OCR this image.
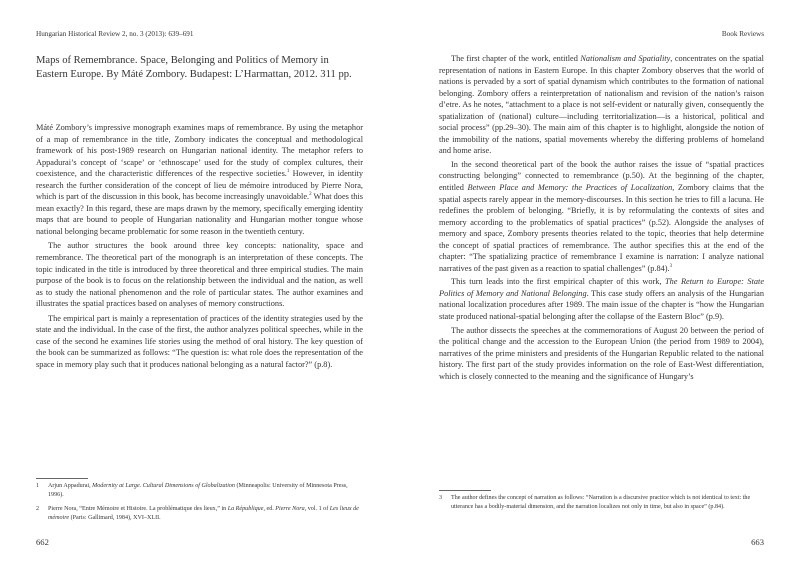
Hungarian Historical Review 2, no. 3 (2013): 639–691
Maps of Remembrance. Space, Belonging and Politics of Memory in Eastern Europe. By Máté Zombory. Budapest: L’Harmattan, 2012. 311 pp.

Máté Zombory’s impressive monograph examines maps of remembrance. By using the metaphor of a map of remembrance in the title, Zombory indicates the conceptual and methodological framework of his post-1989 research on Hungarian national identity. The metaphor refers to Appadurai’s concept of ‘scape’ or ‘ethnoscape’ used for the study of complex cultures, their coexistence, and the characteristic differences of the respective societies.$^1$ However, in identity research the further consideration of the concept of lieu de mémoire introduced by Pierre Nora, which is part of the discussion in this book, has become increasingly unavoidable.$^2$ What does this mean exactly? In this regard, these are maps drawn by the memory, specifically emerging identity maps that are bound to people of Hungarian nationality and Hungarian mother tongue whose national belonging became problematic for some reason in the twentieth century.

The author structures the book around three key concepts: nationality, space and remembrance. The theoretical part of the monograph is an interpretation of these concepts. The topic indicated in the title is introduced by three theoretical and three empirical studies. The main purpose of the book is to focus on the relationship between the individual and the nation, as well as to study the national phenomenon and the role of particular states. The author examines and illustrates the spatial practices based on analyses of memory constructions.

The empirical part is mainly a representation of practices of the identity strategies used by the state and the individual. In the case of the first, the author analyzes political speeches, while in the case of the second he examines life stories using the method of oral history. The key question of the book can be summarized as follows: “The question is: what role does the representation of the space in memory play such that it produces national belonging as a natural factor?” (p.8).

1 Arjun Appadurai, Modernity at Large. Cultural Dimensions of Globalization (Minneapolis: University of Minnesota Press, 1996).

2 Pierre Nora, “Entre Mémoire et Histoire. La problématique des lieux,” in La République, ed. Pierre Nora, vol. 1 of Les lieux de mémoire (Paris: Gallimard, 1984), XVI–XLII.

662
Book Reviews

The first chapter of the work, entitled Nationalism and Spatiality, concentrates on the spatial representation of nations in Eastern Europe. In this chapter Zombory observes that the world of nations is pervaded by a sort of spatial dynamism which contributes to the formation of national belonging. Zombory offers a reinterpretation of nationalism and revision of the nation’s raison d’etre. As he notes, “attachment to a place is not self-evident or naturally given, consequently the spatialization of (national) culture—including territorialization—is a historical, political and social process” (pp.29–30). The main aim of this chapter is to highlight, alongside the notion of the immobility of the nations, spatial movements whereby the differing problems of homeland and home arise.

In the second theoretical part of the book the author raises the issue of “spatial practices constructing belonging” connected to remembrance (p.50). At the beginning of the chapter, entitled Between Place and Memory: the Practices of Localization, Zombory claims that the spatial aspects rarely appear in the memory-discourses. In this section he tries to fill a lacuna. He redefines the problem of belonging. “Briefly, it is by reformulating the contexts of sites and memory according to the problematics of spatial practices” (p.52). Alongside the analyses of memory and space, Zombory presents theories related to the topic, theories that help determine the concept of spatial practices of remembrance. The author specifies this at the end of the chapter: “The spatializing practice of remembrance I examine is narration: I analyze national narratives of the past given as a reaction to spatial challenges” (p.84).$^3$

This turn leads into the first empirical chapter of this work, The Return to Europe: State Politics of Memory and National Belonging. This case study offers an analysis of the Hungarian national localization procedures after 1989. The main issue of the chapter is “how the Hungarian state produced national-spatial belonging after the collapse of the Eastern Bloc” (p.9).

The author dissects the speeches at the commemorations of August 20 between the period of the political change and the accession to the European Union (the period from 1989 to 2004), narratives of the prime ministers and presidents of the Hungarian Republic related to the national history. The first part of the study provides information on the role of East-West differentiation, which is closely connected to the meaning and the significance of Hungary’s

3 The author defines the concept of narration as follows: “Narration is a discursive practice which is not identical to text: the utterance has a bodily-material dimension, and the narration localizes not only in time, but also in space” (p.84).

663
